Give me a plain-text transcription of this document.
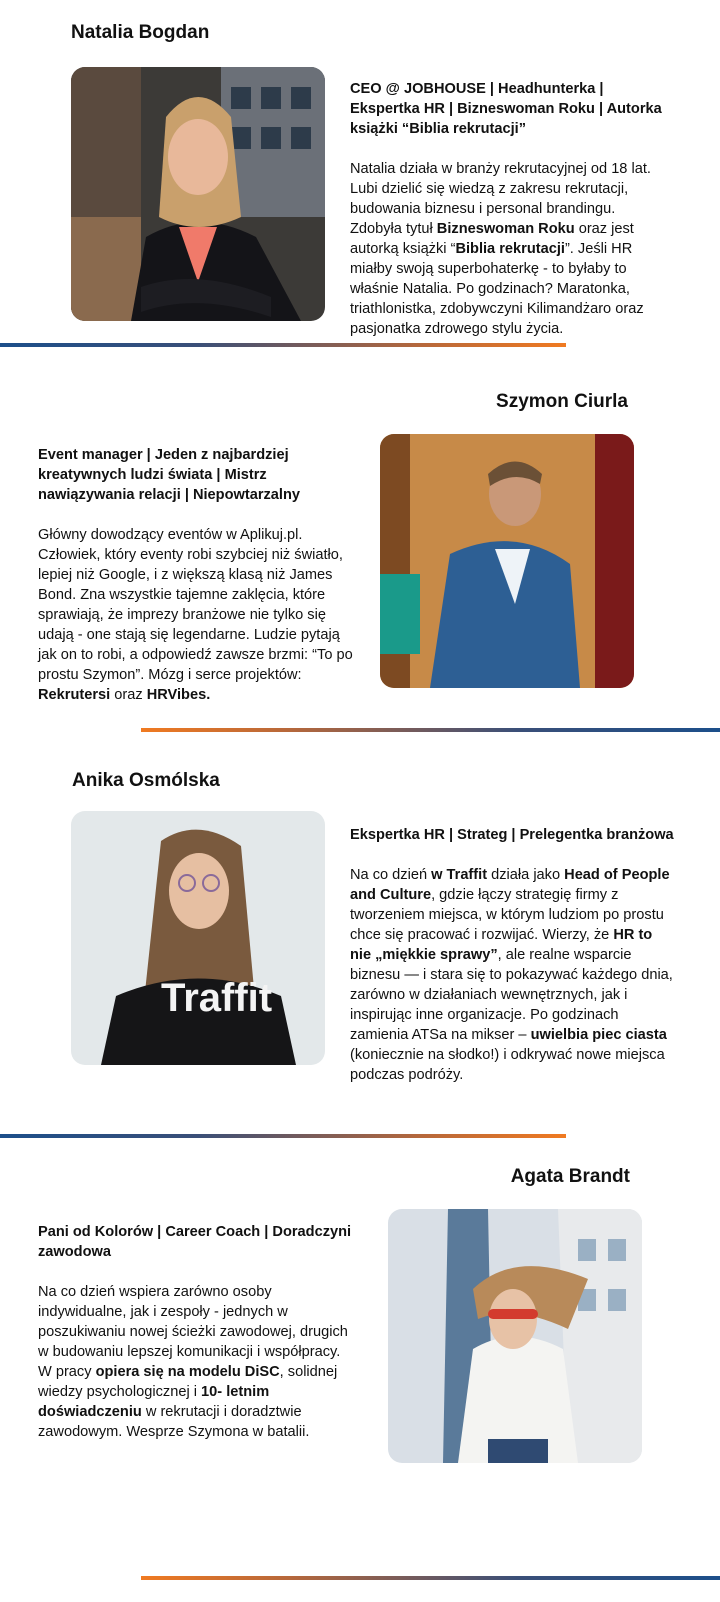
Natalia Bogdan

CEO @ JOBHOUSE | Headhunterka | Ekspertka HR | Bizneswoman Roku | Autorka książki “Biblia rekrutacji”

Natalia działa w branży rekrutacyjnej od 18 lat. Lubi dzielić się wiedzą z zakresu rekrutacji, budowania biznesu i personal brandingu. Zdobyła tytuł Bizneswoman Roku oraz jest autorką książki “Biblia rekrutacji”. Jeśli HR miałby swoją superbohaterkę - to byłaby to właśnie Natalia. Po godzinach? Maratonka, triathlonistka, zdobywczyni Kilimandżaro oraz pasjonatka zdrowego stylu życia.

Szymon Ciurla

Event manager | Jeden z najbardziej kreatywnych ludzi świata | Mistrz nawiązywania relacji | Niepowtarzalny

Główny dowodzący eventów w Aplikuj.pl. Człowiek, który eventy robi szybciej niż światło, lepiej niż Google, i z większą klasą niż James Bond. Zna wszystkie tajemne zaklęcia, które sprawiają, że imprezy branżowe nie tylko się udają - one stają się legendarne. Ludzie pytają jak on to robi, a odpowiedź zawsze brzmi: “To po prostu Szymon”. Mózg i serce projektów: Rekrutersi oraz HRVibes.

Anika Osmólska
Traffit

Ekspertka HR | Strateg | Prelegentka branżowa

Na co dzień w Traffit działa jako Head of People and Culture, gdzie łączy strategię firmy z tworzeniem miejsca, w którym ludziom po prostu chce się pracować i rozwijać. Wierzy, że HR to nie „miękkie sprawy”, ale realne wsparcie biznesu — i stara się to pokazywać każdego dnia, zarówno w działaniach wewnętrznych, jak i inspirując inne organizacje. Po godzinach zamienia ATSa na mikser – uwielbia piec ciasta (koniecznie na słodko!) i odkrywać nowe miejsca podczas podróży.

Agata Brandt

Pani od Kolorów | Career Coach | Doradczyni zawodowa

Na co dzień wspiera zarówno osoby indywidualne, jak i zespoły - jednych w poszukiwaniu nowej ścieżki zawodowej, drugich w budowaniu lepszej komunikacji i współpracy. W pracy opiera się na modelu DiSC, solidnej wiedzy psychologicznej i 10- letnim doświadczeniu w rekrutacji i doradztwie zawodowym. Wesprze Szymona w batalii.
